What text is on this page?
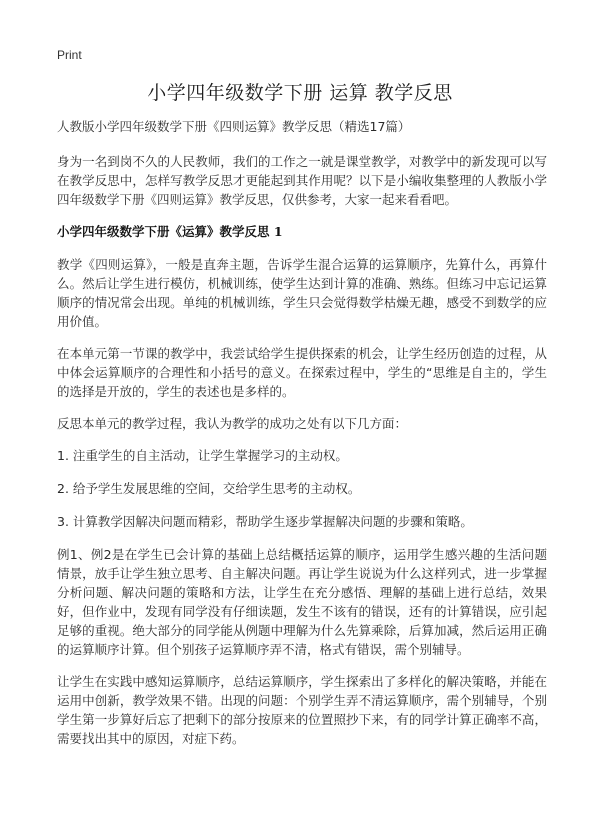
Print
小学四年级数学下册 运算 教学反思

人教版小学四年级数学下册《四则运算》教学反思（精选17篇）

身为一名到岗不久的人民教师，我们的工作之一就是课堂教学，对教学中的新发现可以写在教学反思中，怎样写教学反思才更能起到其作用呢？以下是小编收集整理的人教版小学四年级数学下册《四则运算》教学反思，仅供参考，大家一起来看看吧。

小学四年级数学下册《运算》教学反思 1

教学《四则运算》，一般是直奔主题，告诉学生混合运算的运算顺序，先算什么，再算什么。然后让学生进行模仿，机械训练，使学生达到计算的准确、熟练。但练习中忘记运算顺序的情况常会出现。单纯的机械训练，学生只会觉得数学枯燥无趣，感受不到数学的应用价值。

在本单元第一节课的教学中，我尝试给学生提供探索的机会，让学生经历创造的过程，从中体会运算顺序的合理性和小括号的意义。在探索过程中，学生的“思维是自主的，学生的选择是开放的，学生的表述也是多样的。

反思本单元的教学过程，我认为教学的成功之处有以下几方面：

1. 注重学生的自主活动，让学生掌握学习的主动权。

2. 给予学生发展思维的空间，交给学生思考的主动权。

3. 计算教学因解决问题而精彩，帮助学生逐步掌握解决问题的步骤和策略。

例1、例2是在学生已会计算的基础上总结概括运算的顺序，运用学生感兴趣的生活问题情景，放手让学生独立思考、自主解决问题。再让学生说说为什么这样列式，进一步掌握分析问题、解决问题的策略和方法，让学生在充分感悟、理解的基础上进行总结，效果好，但作业中，发现有同学没有仔细读题，发生不该有的错误，还有的计算错误，应引起足够的重视。绝大部分的同学能从例题中理解为什么先算乘除，后算加减，然后运用正确的运算顺序计算。但个别孩子运算顺序弄不清，格式有错误，需个别辅导。

让学生在实践中感知运算顺序，总结运算顺序，学生探索出了多样化的解决策略，并能在运用中创新，教学效果不错。出现的问题：个别学生弄不清运算顺序，需个别辅导，个别学生第一步算好后忘了把剩下的部分按原来的位置照抄下来，有的同学计算正确率不高，需要找出其中的原因，对症下药。
